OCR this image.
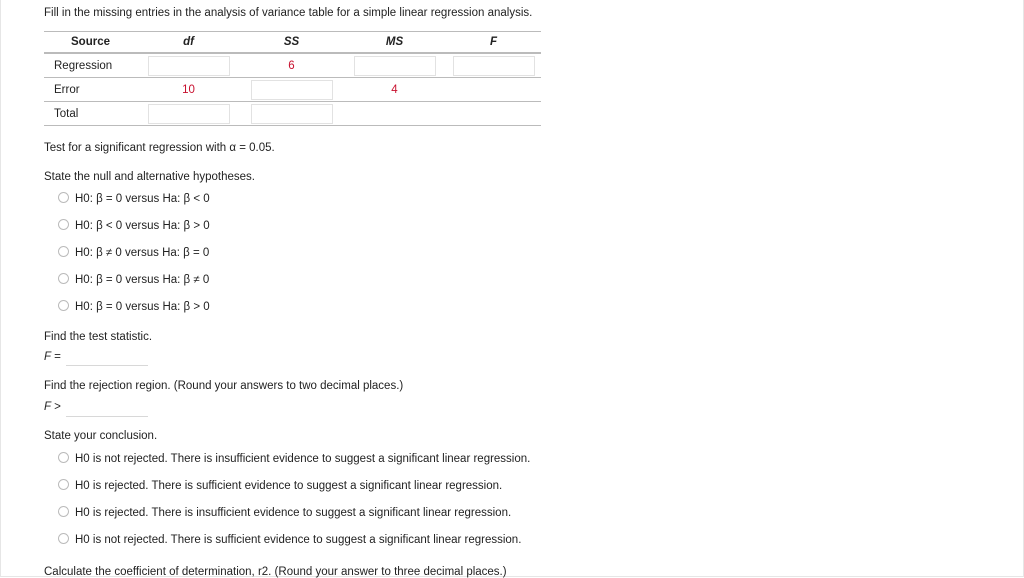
Fill in the missing entries in the analysis of variance table for a simple linear regression analysis.
Source	df	SS	MS	F
Regression		6		
Error	10		4	
Total				
Test for a significant regression with α = 0.05.
State the null and alternative hypotheses.
H0: β = 0 versus Ha: β < 0
H0: β < 0 versus Ha: β > 0
H0: β ≠ 0 versus Ha: β = 0
H0: β = 0 versus Ha: β ≠ 0
H0: β = 0 versus Ha: β > 0
Find the test statistic.
F =
Find the rejection region. (Round your answers to two decimal places.)
F >
State your conclusion.
H0 is not rejected. There is insufficient evidence to suggest a significant linear regression.
H0 is rejected. There is sufficient evidence to suggest a significant linear regression.
H0 is rejected. There is insufficient evidence to suggest a significant linear regression.
H0 is not rejected. There is sufficient evidence to suggest a significant linear regression.
Calculate the coefficient of determination, r2. (Round your answer to three decimal places.)
